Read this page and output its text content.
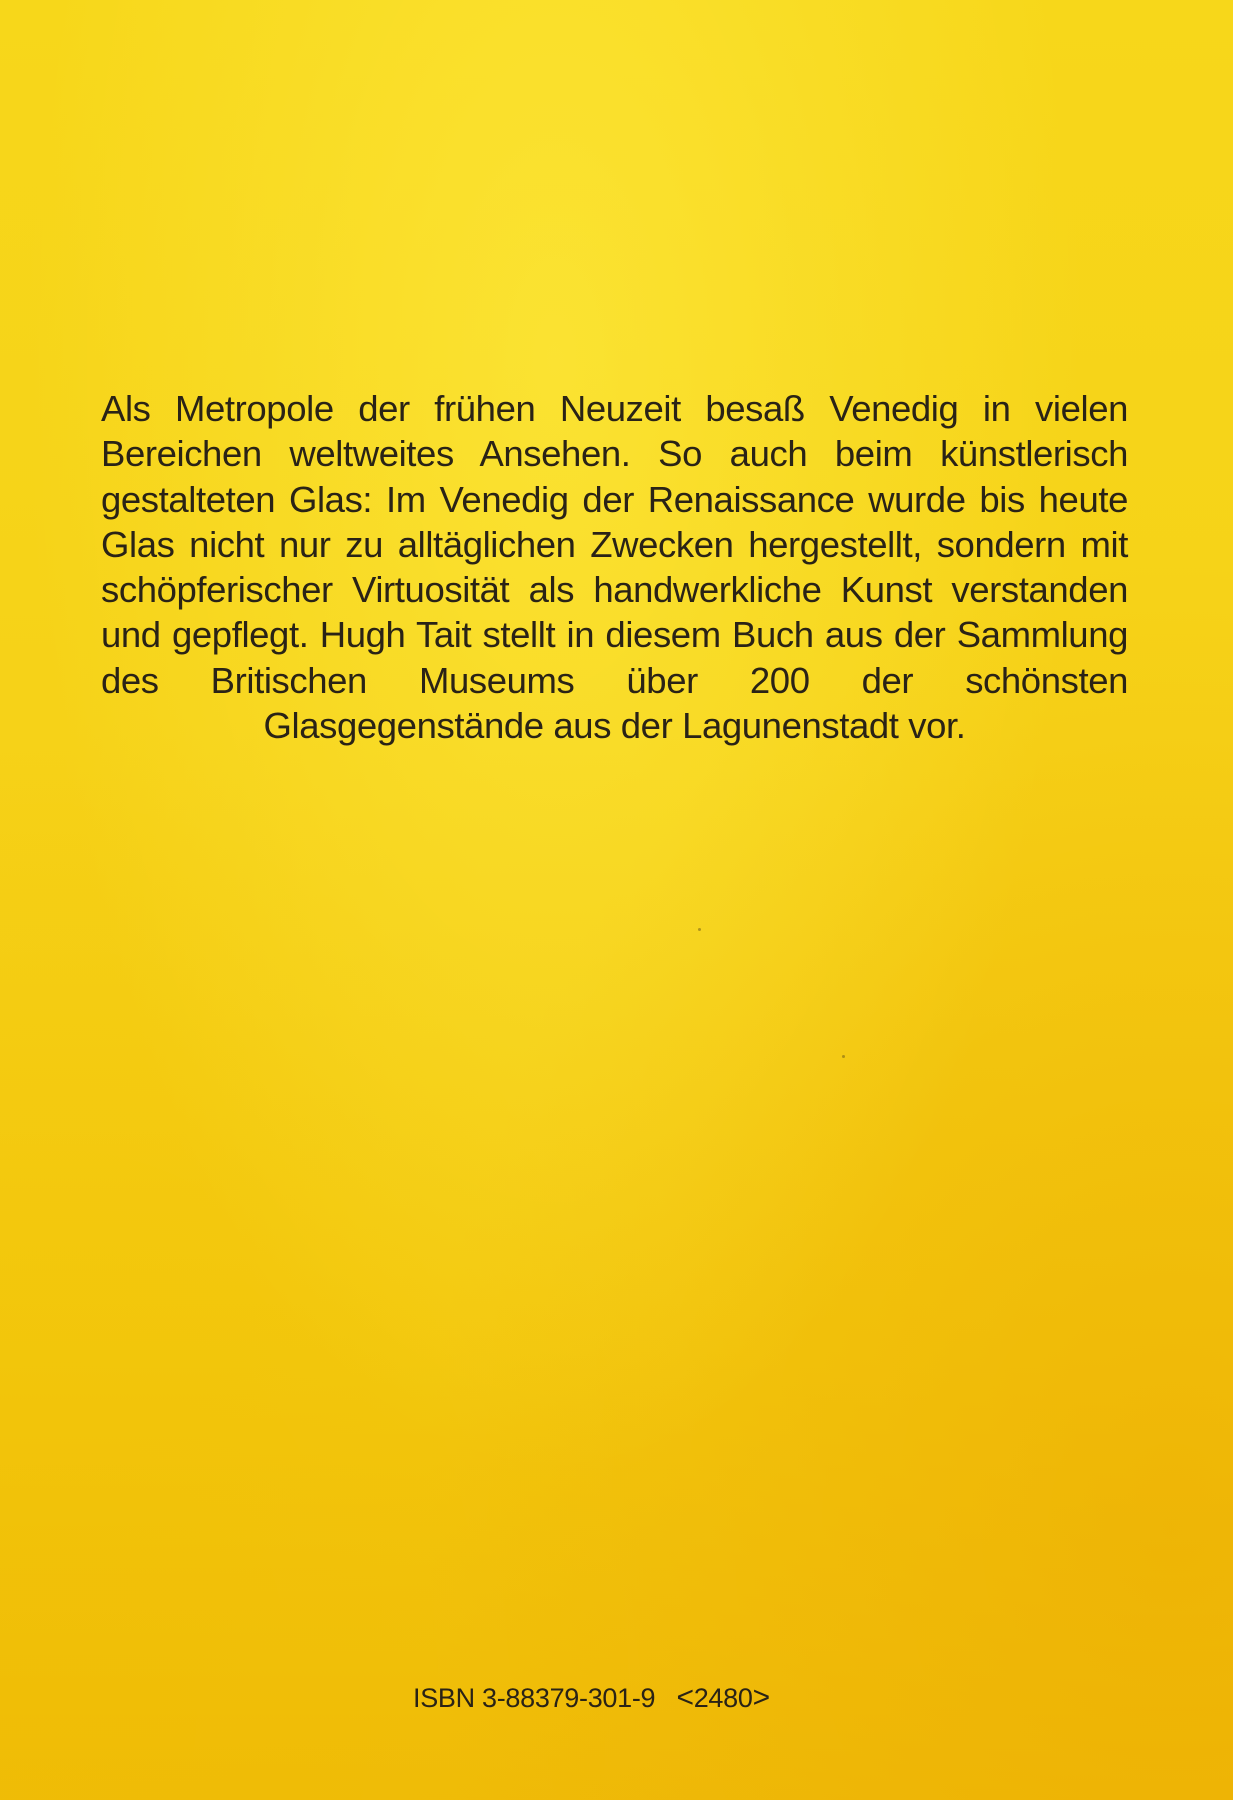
Als Metropole der frühen Neuzeit besaß Venedig in vielen Bereichen weltweites Ansehen. So auch beim künstlerisch gestalteten Glas: Im Venedig der Renaissance wurde bis heute Glas nicht nur zu alltäglichen Zwecken hergestellt, sondern mit schöpferischer Virtuosität als handwerkliche Kunst verstanden und gepflegt. Hugh Tait stellt in diesem Buch aus der Sammlung des Britischen Museums über 200 der schönsten Glasgegenstände aus der Lagunenstadt vor.

ISBN 3-88379-301-9 <2480>
